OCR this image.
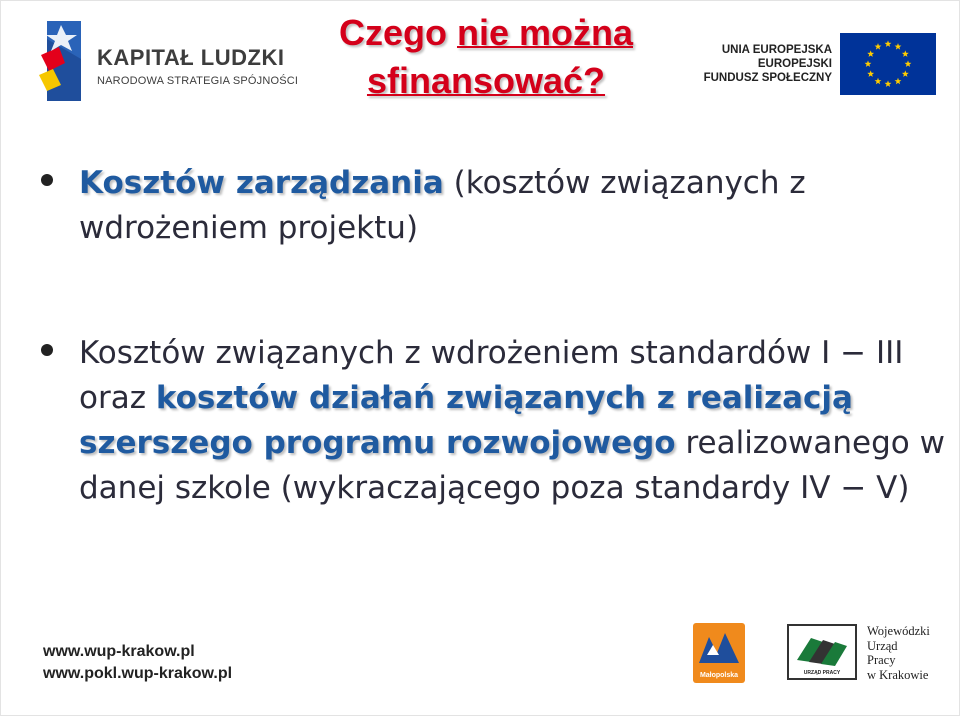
KAPITAŁ LUDZKI
NARODOWA STRATEGIA SPÓJNOŚCI
Czego nie można
sfinansować?
UNIA EUROPEJSKA
EUROPEJSKI
FUNDUSZ SPOŁECZNY
Kosztów zarządzania (kosztów związanych z wdrożeniem projektu)
Kosztów związanych z wdrożeniem standardów I − III oraz kosztów działań związanych z realizacją szerszego programu rozwojowego realizowanego w danej szkole (wykraczającego poza standardy IV − V)
www.wup-krakow.pl
www.pokl.wup-krakow.pl	Małopolska	URZĄD PRACY
Wojewódzki
Urząd
Pracy
w Krakowie
